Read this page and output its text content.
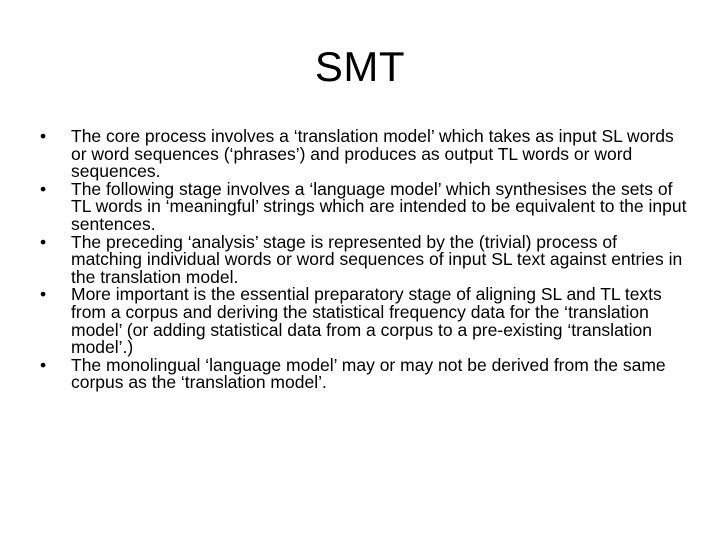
SMT
•	The core process involves a ‘translation model’ which takes as input SL words or word sequences (‘phrases’) and produces as output TL words or word sequences.
•	The following stage involves a ‘language model’ which synthesises the sets of TL words in ‘meaningful’ strings which are intended to be equivalent to the input sentences.
•	The preceding ‘analysis’ stage is represented by the (trivial) process of matching individual words or word sequences of input SL text against entries in the translation model.
•	More important is the essential preparatory stage of aligning SL and TL texts from a corpus and deriving the statistical frequency data for the ‘translation model’ (or adding statistical data from a corpus to a pre-existing ‘translation model’.)
•	The monolingual ‘language model’ may or may not be derived from the same corpus as the ‘translation model’.
